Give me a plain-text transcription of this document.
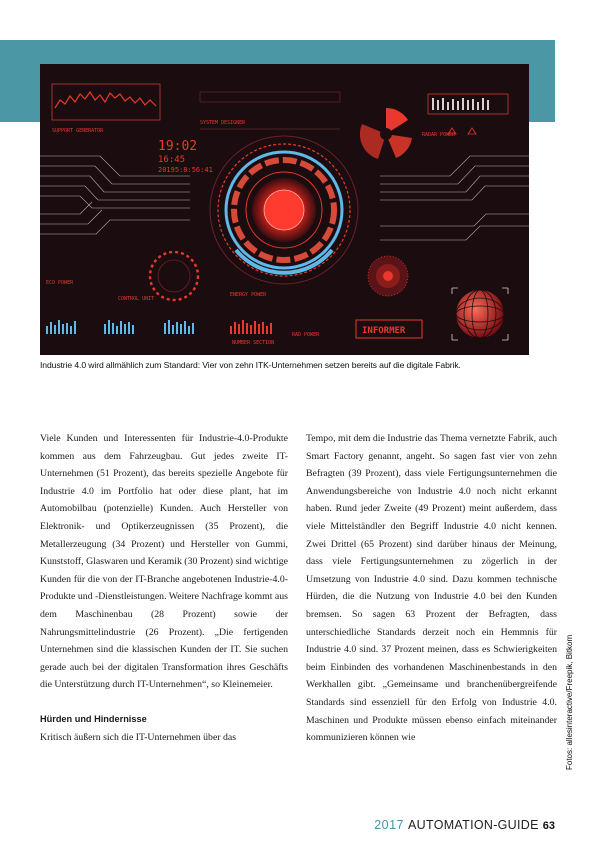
SUPPORT GENERATOR
SYSTEM DESIGNER
19:02
16:45
20195:8:56:41
RADAR POWER
ECO POWER
CONTROL UNIT
ENERGY POWER
NUMBER SECTION
RAD POWER	INFORMER
Industrie 4.0 wird allmählich zum Standard: Vier von zehn ITK-Unternehmen setzen bereits auf die digitale Fabrik.

Viele Kunden und Interessenten für Industrie-4.0-Produkte kommen aus dem Fahrzeugbau. Gut jedes zweite IT-Unternehmen (51 Prozent), das bereits spezielle Angebote für Industrie 4.0 im Portfolio hat oder diese plant, hat im Automobilbau (potenzielle) Kunden. Auch Hersteller von Elektronik- und Optikerzeugnissen (35 Prozent), die Metallerzeugung (34 Prozent) und Hersteller von Gummi, Kunststoff, Glaswaren und Keramik (30 Prozent) sind wichtige Kunden für die von der IT-Branche angebotenen Industrie-4.0-Produkte und -Dienstleistungen. Weitere Nachfrage kommt aus dem Maschinenbau (28 Prozent) sowie der Nahrungsmittelindustrie (26 Prozent). „Die fertigenden Unternehmen sind die klassischen Kunden der IT. Sie suchen gerade auch bei der digitalen Transformation ihres Geschäfts die Unterstützung durch IT-Unternehmen“, so Kleinemeier.

Hürden und Hindernisse

Kritisch äußern sich die IT-Unternehmen über das

Tempo, mit dem die Industrie das Thema vernetzte Fabrik, auch Smart Factory genannt, angeht. So sagen fast vier von zehn Befragten (39 Prozent), dass viele Fertigungsunternehmen die Anwendungsbereiche von Industrie 4.0 noch nicht erkannt haben. Rund jeder Zweite (49 Prozent) meint außerdem, dass viele Mittelständler den Begriff Industrie 4.0 nicht kennen. Zwei Drittel (65 Prozent) sind darüber hinaus der Meinung, dass viele Fertigungsunternehmen zu zögerlich in der Umsetzung von Industrie 4.0 sind. Dazu kommen technische Hürden, die die Nutzung von Industrie 4.0 bei den Kunden bremsen. So sagen 63 Prozent der Befragten, dass unterschiedliche Standards derzeit noch ein Hemmnis für Industrie 4.0 sind. 37 Prozent meinen, dass es Schwierigkeiten beim Einbinden des vorhandenen Maschinenbestands in den Werkhallen gibt. „Gemeinsame und branchenübergreifende Standards sind essenziell für den Erfolg von Industrie 4.0. Maschinen und Produkte müssen ebenso einfach miteinander kommunizieren können wie	Fotos: allesinteractive/Freepik, Bitkom
2017 AUTOMATION-GUIDE 63
